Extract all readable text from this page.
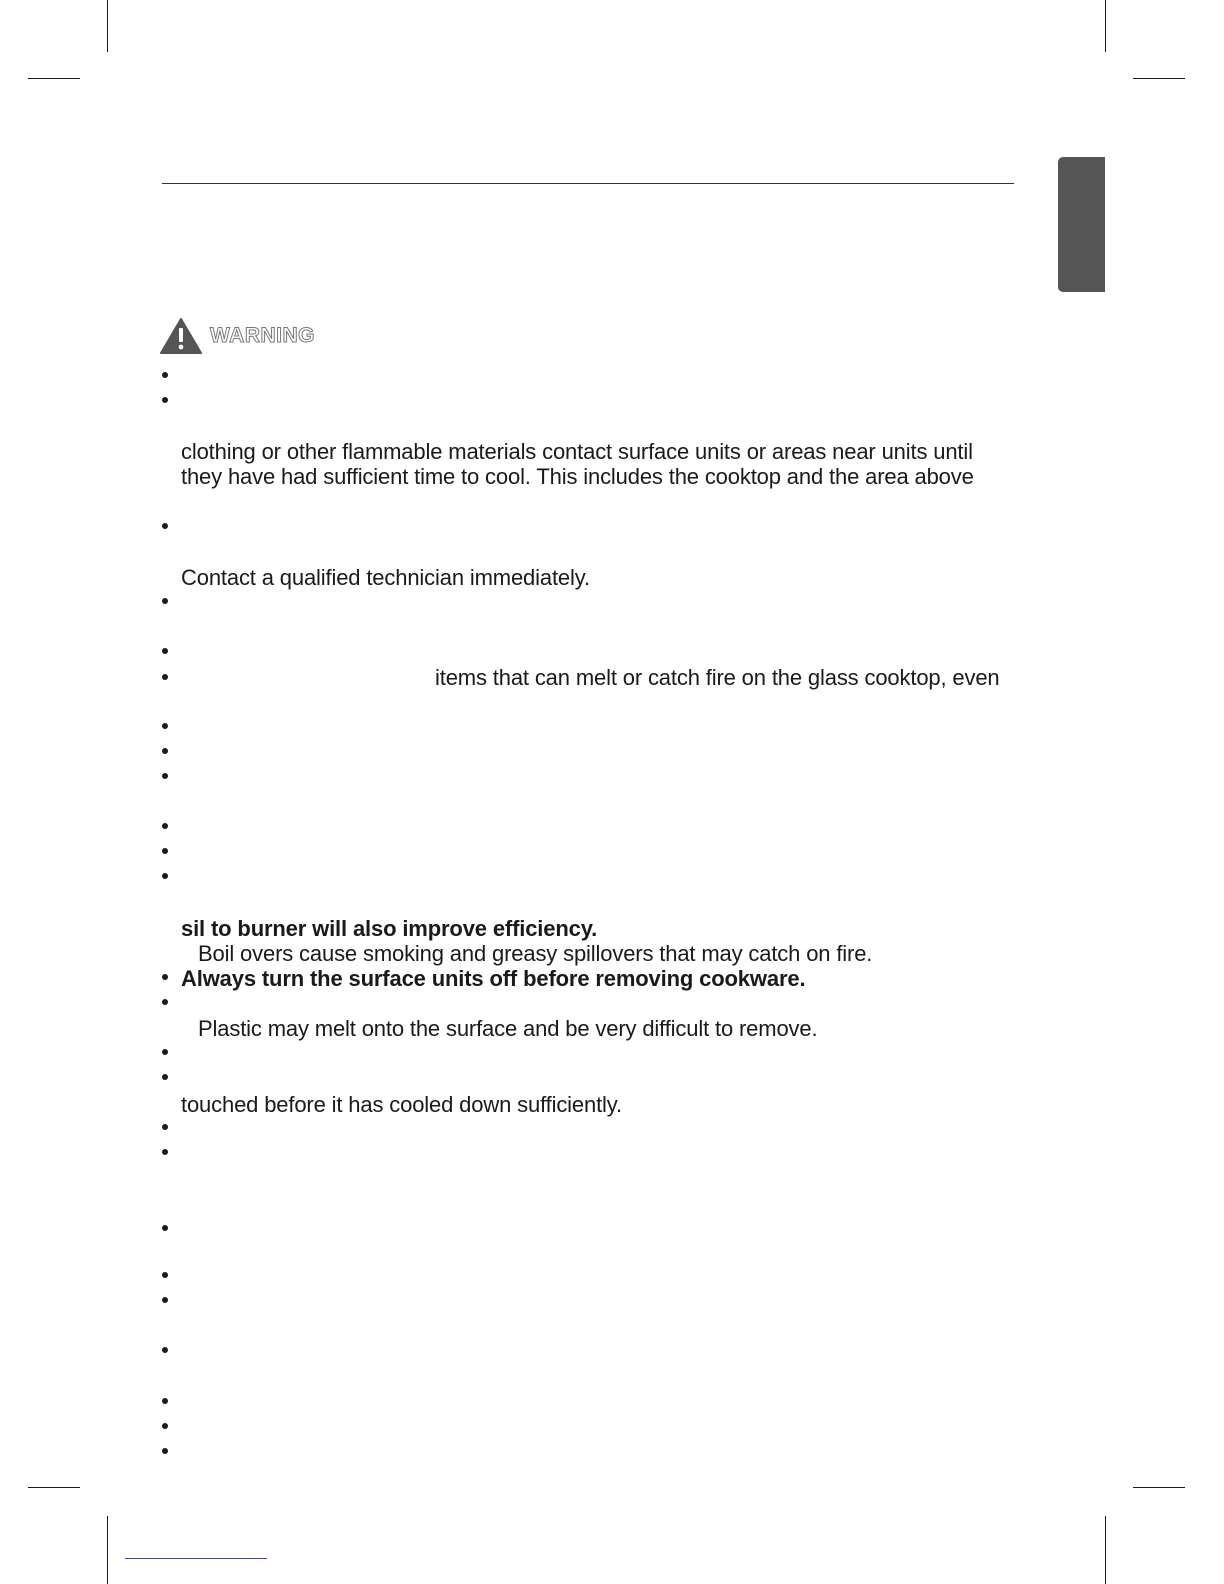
WARNING
clothing or other flammable materials contact surface units or areas near units until
they have had sufficient time to cool. This includes the cooktop and the area above
Contact a qualified technician immediately.
items that can melt or catch fire on the glass cooktop, even
sil to burner will also improve efficiency.
Boil overs cause smoking and greasy spillovers that may catch on fire.
Always turn the surface units off before removing cookware.
Plastic may melt onto the surface and be very difficult to remove.
touched before it has cooled down sufficiently.
